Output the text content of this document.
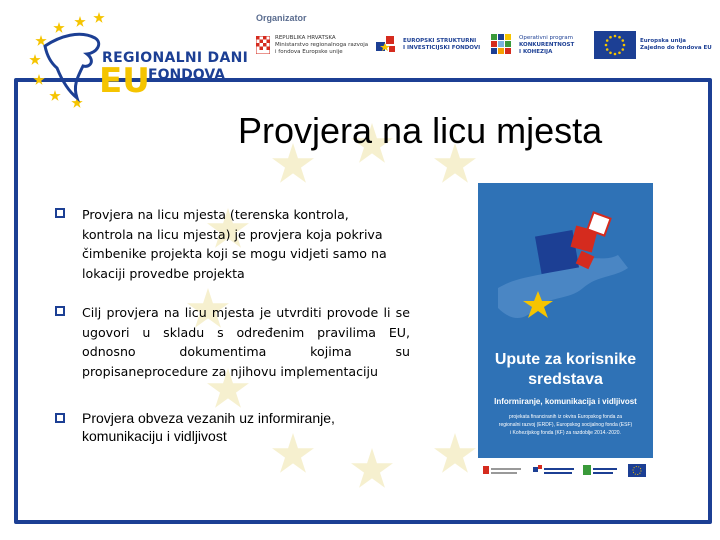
REGIONALNI DANI
EU
FONDOVA
Organizator
REPUBLIKA HRVATSKA
Ministarstvo regionalnoga razvoja
i fondova Europske unije
EUROPSKI STRUKTURNI
I INVESTICIJSKI FONDOVI
Operativni program
KONKURENTNOST
I KOHEZIJA
Europska unija
Zajedno do fondova EU
Provjera na licu mjesta
Provjera na licu mjesta (terenska kontrola, kontrola na licu mjesta) je provjera koja pokriva čimbenike projekta koji se mogu vidjeti samo na lokaciji provedbe projekta
Cilj provjera na licu mjesta je utvrditi provode li se ugovori u skladu s određenim pravilima EU, odnosno dokumentima kojima su propisaneprocedure za njihovu implementaciju
Provjera obveza vezanih uz informiranje, komunikaciju i vidljivost
Upute za korisnike
sredstava
Informiranje, komunikacija i vidljivost
projekata financiranih iz okvira Europskog fonda za
regionalni razvoj (ERDF), Europskog socijalnog fonda (ESF)
i Kohezijskog fonda (KF) za razdoblje 2014.-2020.
